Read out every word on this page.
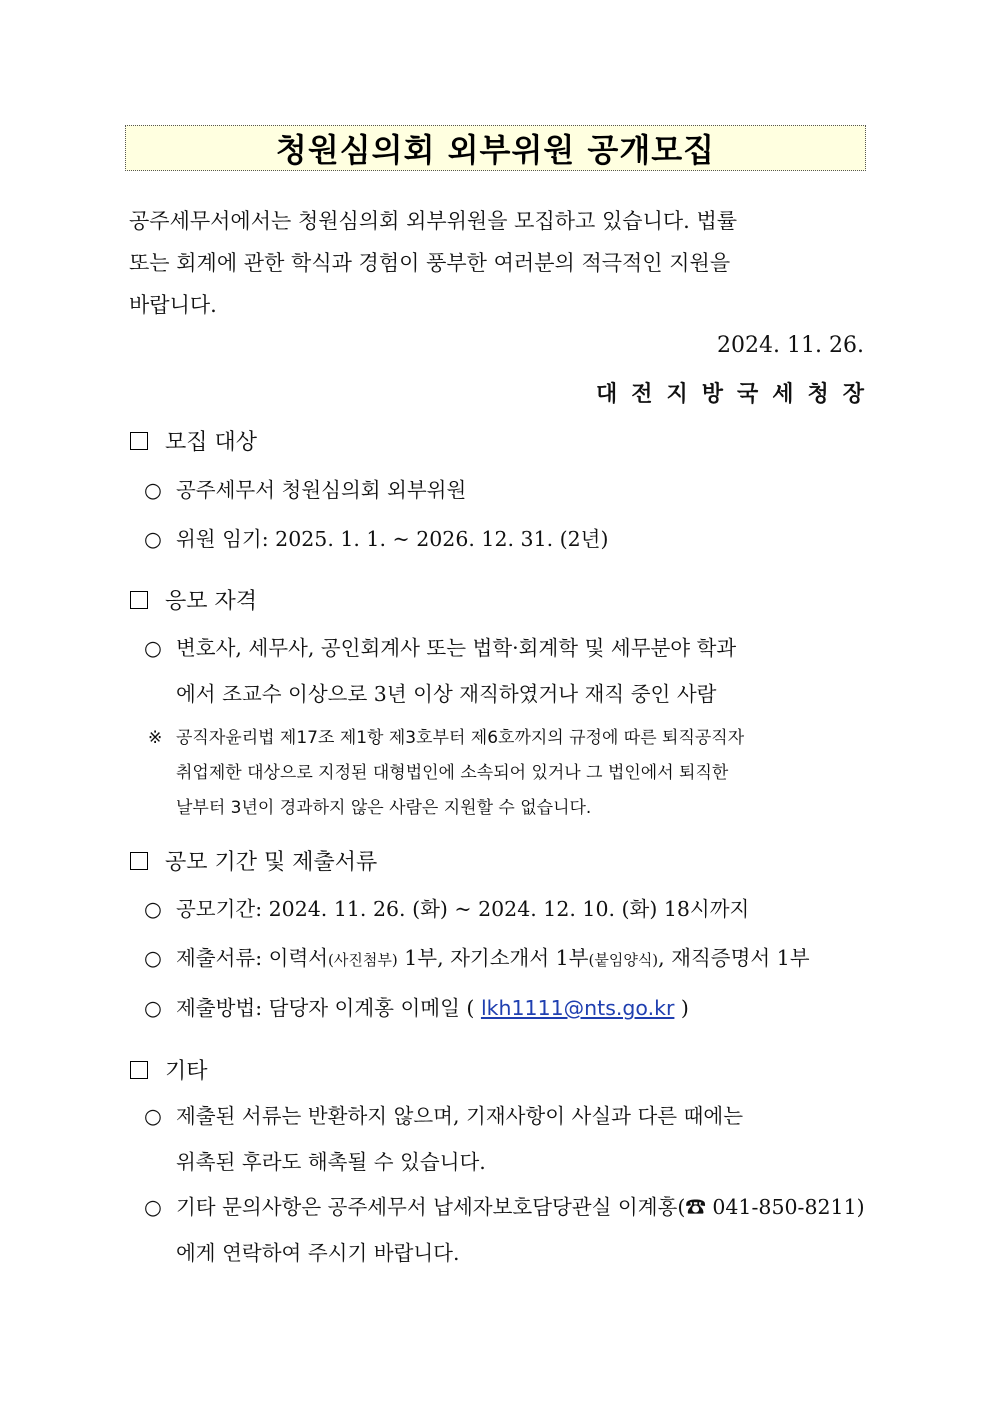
청원심의회 외부위원 공개모집
공주세무서에서는 청원심의회 외부위원을 모집하고 있습니다. 법률
또는 회계에 관한 학식과 경험이 풍부한 여러분의 적극적인 지원을
바랍니다.
2024. 11. 26.
대전지방국세청장
모집 대상
○ 공주세무서 청원심의회 외부위원
○ 위원 임기: 2025. 1. 1. ~ 2026. 12. 31. (2년)
응모 자격
○ 변호사, 세무사, 공인회계사 또는 법학·회계학 및 세무분야 학과
에서 조교수 이상으로 3년 이상 재직하였거나 재직 중인 사람
※ 공직자윤리법 제17조 제1항 제3호부터 제6호까지의 규정에 따른 퇴직공직자
취업제한 대상으로 지정된 대형법인에 소속되어 있거나 그 법인에서 퇴직한
날부터 3년이 경과하지 않은 사람은 지원할 수 없습니다.
공모 기간 및 제출서류
○ 공모기간: 2024. 11. 26. (화) ~ 2024. 12. 10. (화) 18시까지
○ 제출서류: 이력서(사진첨부) 1부, 자기소개서 1부(붙임양식), 재직증명서 1부
○ 제출방법: 담당자 이계홍 이메일 ( lkh1111@nts.go.kr )
기타
○ 제출된 서류는 반환하지 않으며, 기재사항이 사실과 다른 때에는
위촉된 후라도 해촉될 수 있습니다.
○ 기타 문의사항은 공주세무서 납세자보호담당관실 이계홍(☎ 041-850-8211)
에게 연락하여 주시기 바랍니다.
